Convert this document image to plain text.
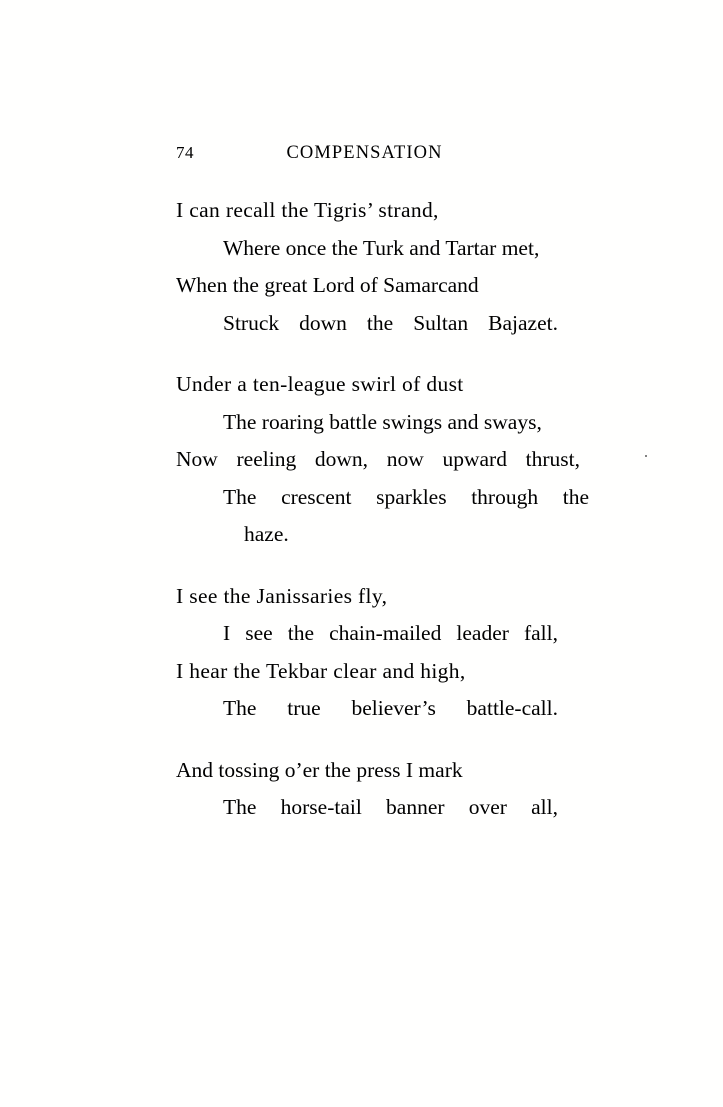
74	COMPENSATION
I can recall the Tigris’ strand,
Where once the Turk and Tartar met,
When the great Lord of Samarcand
Struck down the Sultan Bajazet.
Under a ten-league swirl of dust
The roaring battle swings and sways,
Now reeling down, now upward thrust,
The crescent sparkles through the
haze.
I see the Janissaries fly,
I see the chain-mailed leader fall,
I hear the Tekbar clear and high,
The true believer’s battle-call.
And tossing o’er the press I mark
The horse-tail banner over all,
